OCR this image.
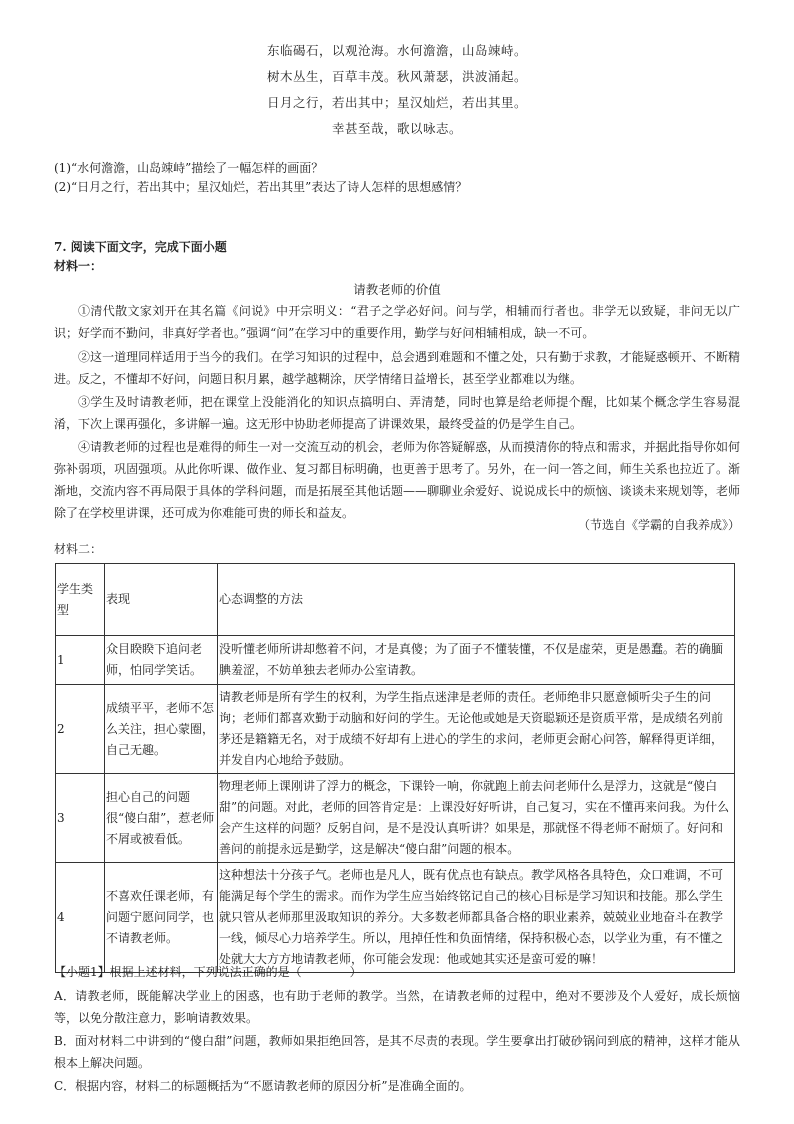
东临碣石，以观沧海。水何澹澹，山岛竦峙。
树木丛生，百草丰茂。秋风萧瑟，洪波涌起。
日月之行，若出其中；星汉灿烂，若出其里。
幸甚至哉，歌以咏志。
(1)“水何澹澹，山岛竦峙”描绘了一幅怎样的画面？
(2)“日月之行，若出其中；星汉灿烂，若出其里”表达了诗人怎样的思想感情？
7. 阅读下面文字，完成下面小题
材料一：
请教老师的价值
①清代散文家刘开在其名篇《问说》中开宗明义：“君子之学必好问。问与学，相辅而行者也。非学无以致疑，非问无以广识；好学而不勤问，非真好学者也。”强调“问”在学习中的重要作用，勤学与好问相辅相成，缺一不可。
②这一道理同样适用于当今的我们。在学习知识的过程中，总会遇到难题和不懂之处，只有勤于求教，才能疑惑顿开、不断精进。反之，不懂却不好问，问题日积月累，越学越糊涂，厌学情绪日益增长，甚至学业都难以为继。
③学生及时请教老师，把在课堂上没能消化的知识点搞明白、弄清楚，同时也算是给老师提个醒，比如某个概念学生容易混淆，下次上课再强化，多讲解一遍。这无形中协助老师提高了讲课效果，最终受益的仍是学生自己。
④请教老师的过程也是难得的师生一对一交流互动的机会，老师为你答疑解惑，从而摸清你的特点和需求，并据此指导你如何弥补弱项，巩固强项。从此你听课、做作业、复习都目标明确，也更善于思考了。另外，在一问一答之间，师生关系也拉近了。渐渐地，交流内容不再局限于具体的学科问题，而是拓展至其他话题——聊聊业余爱好、说说成长中的烦恼、谈谈未来规划等，老师除了在学校里讲课，还可成为你难能可贵的师长和益友。
（节选自《学霸的自我养成》）
材料二：
学生类型	表现	心态调整的方法
1	众目睽睽下追问老师，怕同学笑话。	没听懂老师所讲却憋着不问，才是真傻；为了面子不懂装懂，不仅是虚荣，更是愚蠢。若的确腼腆羞涩，不妨单独去老师办公室请教。
2	成绩平平，老师不怎么关注，担心蒙圈，自己无趣。	请教老师是所有学生的权利，为学生指点迷津是老师的责任。老师绝非只愿意倾听尖子生的问询；老师们都喜欢勤于动脑和好问的学生。无论他或她是天资聪颖还是资质平常，是成绩名列前茅还是籍籍无名，对于成绩不好却有上进心的学生的求问，老师更会耐心问答，解释得更详细，并发自内心地给予鼓励。
3	担心自己的问题很“傻白甜”，惹老师不屑或被看低。	物理老师上课刚讲了浮力的概念，下课铃一响，你就跑上前去问老师什么是浮力，这就是“傻白甜”的问题。对此，老师的回答肯定是：上课没好好听讲，自己复习，实在不懂再来问我。为什么会产生这样的问题？反躬自问，是不是没认真听讲？如果是，那就怪不得老师不耐烦了。好问和善问的前提永远是勤学，这是解决“傻白甜”问题的根本。
4	不喜欢任课老师，有问题宁愿问同学，也不请教老师。	这种想法十分孩子气。老师也是凡人，既有优点也有缺点。教学风格各具特色，众口难调，不可能满足每个学生的需求。而作为学生应当始终铭记自己的核心目标是学习知识和技能。那么学生就只管从老师那里汲取知识的养分。大多数老师都具备合格的职业素养，兢兢业业地奋斗在教学一线，倾尽心力培养学生。所以，甩掉任性和负面情绪，保持积极心态，以学业为重，有不懂之处就大大方方地请教老师，你可能会发现：他或她其实还是蛮可爱的嘛！
【小题1】根据上述材料，下列说法正确的是（　　　　）
A．请教老师，既能解决学业上的困惑，也有助于老师的教学。当然，在请教老师的过程中，绝对不要涉及个人爱好，成长烦恼等，以免分散注意力，影响请教效果。
B．面对材料二中讲到的“傻白甜”问题，教师如果拒绝回答，是其不尽责的表现。学生要拿出打破砂锅问到底的精神，这样才能从根本上解决问题。
C．根据内容，材料二的标题概括为“不愿请教老师的原因分析”是准确全面的。
